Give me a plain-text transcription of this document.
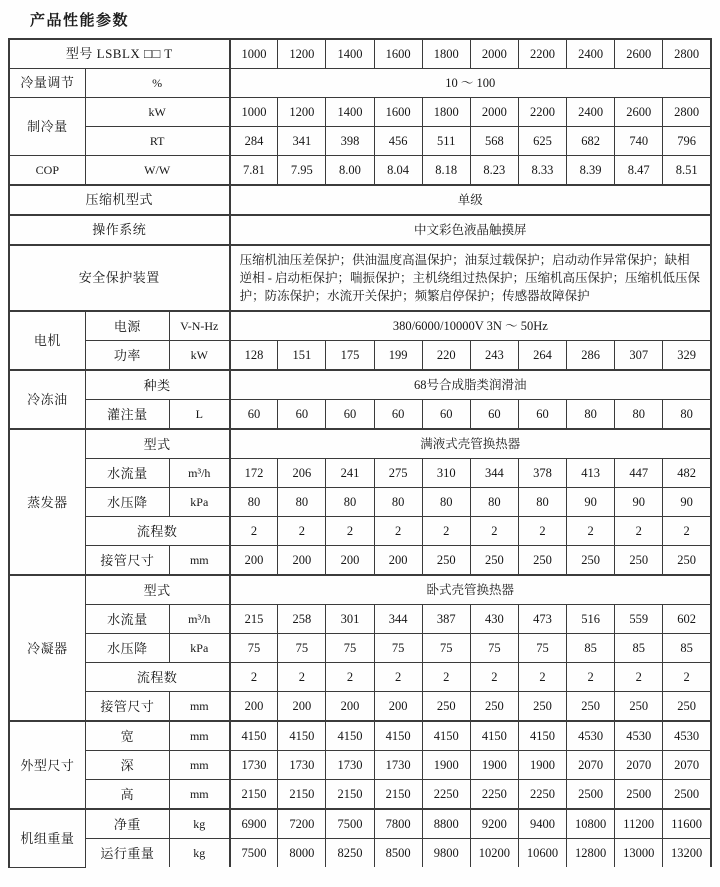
产品性能参数
型号 LSBLX □□ T			1000	1200	1400	1600	1800	2000	2200	2400	2600	2800
冷量调节	%		10 ～ 100									
制冷量	kW		1000	1200	1400	1600	1800	2000	2200	2400	2600	2800
	RT		284	341	398	456	511	568	625	682	740	796
COP	W/W		7.81	7.95	8.00	8.04	8.18	8.23	8.33	8.39	8.47	8.51
压缩机型式			单级									
操作系统			中文彩色液晶触摸屏									
安全保护装置			压缩机油压差保护；供油温度高温保护；油泵过载保护；启动动作异常保护；缺相逆相 - 启动柜保护；喘振保护；主机绕组过热保护；压缩机高压保护；压缩机低压保护；防冻保护；水流开关保护；频繁启停保护；传感器故障保护									
电机	电源	V-N-Hz	380/6000/10000V 3N ～ 50Hz									
	功率	kW	128	151	175	199	220	243	264	286	307	329
冷冻油	种类		68号合成脂类润滑油									
	灌注量	L	60	60	60	60	60	60	60	80	80	80
蒸发器	型式		满液式壳管换热器									
	水流量	m³/h	172	206	241	275	310	344	378	413	447	482
	水压降	kPa	80	80	80	80	80	80	80	90	90	90
	流程数		2	2	2	2	2	2	2	2	2	2
	接管尺寸	mm	200	200	200	200	250	250	250	250	250	250
冷凝器	型式		卧式壳管换热器									
	水流量	m³/h	215	258	301	344	387	430	473	516	559	602
	水压降	kPa	75	75	75	75	75	75	75	85	85	85
	流程数		2	2	2	2	2	2	2	2	2	2
	接管尺寸	mm	200	200	200	200	250	250	250	250	250	250
外型尺寸	宽	mm	4150	4150	4150	4150	4150	4150	4150	4530	4530	4530
	深	mm	1730	1730	1730	1730	1900	1900	1900	2070	2070	2070
	高	mm	2150	2150	2150	2150	2250	2250	2250	2500	2500	2500
机组重量	净重	kg	6900	7200	7500	7800	8800	9200	9400	10800	11200	11600
	运行重量	kg	7500	8000	8250	8500	9800	10200	10600	12800	13000	13200
